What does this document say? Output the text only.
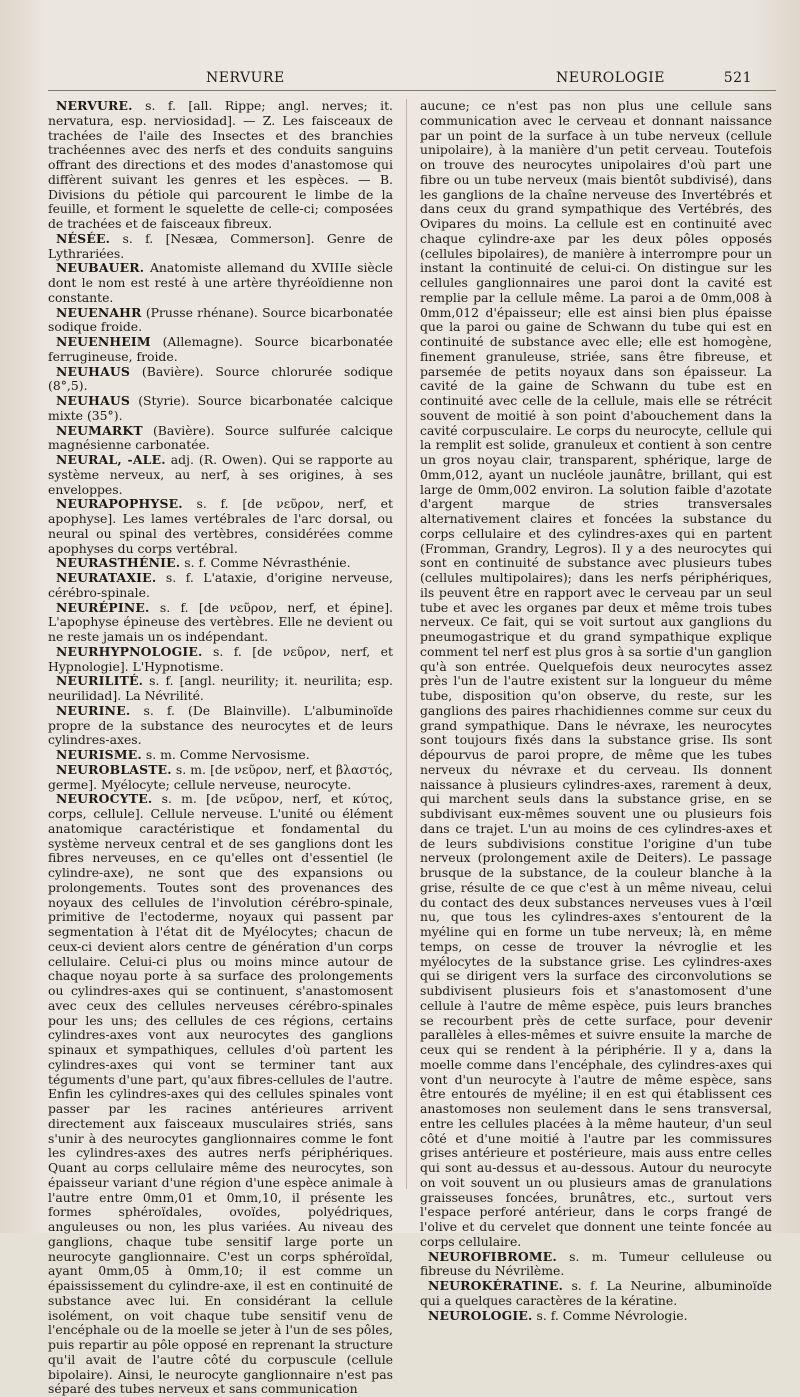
NERVURE	NEUROLOGIE	521

NERVURE. s. f. [all. Rippe; angl. nerves; it. nervatura, esp. nerviosidad]. — Z. Les faisceaux de trachées de l'aile des Insectes et des branchies trachéennes avec des nerfs et des conduits sanguins offrant des directions et des modes d'anastomose qui diffèrent suivant les genres et les espèces. — B. Divisions du pétiole qui parcourent le limbe de la feuille, et forment le squelette de celle-ci; composées de trachées et de faisceaux fibreux.

NÉSÉE. s. f. [Nesæa, Commerson]. Genre de Lythrariées.

NEUBAUER. Anatomiste allemand du XVIIIe siècle dont le nom est resté à une artère thyréoïdienne non constante.

NEUENAHR (Prusse rhénane). Source bicarbonatée sodique froide.

NEUENHEIM (Allemagne). Source bicarbonatée ferrugineuse, froide.

NEUHAUS (Bavière). Source chlorurée sodique (8°,5).

NEUHAUS (Styrie). Source bicarbonatée calcique mixte (35°).

NEUMARKT (Bavière). Source sulfurée calcique magnésienne carbonatée.

NEURAL, -ALE. adj. (R. Owen). Qui se rapporte au système nerveux, au nerf, à ses origines, à ses enveloppes.

NEURAPOPHYSE. s. f. [de νεῦρον, nerf, et apophyse]. Les lames vertébrales de l'arc dorsal, ou neural ou spinal des vertèbres, considérées comme apophyses du corps vertébral.

NEURASTHÉNIE. s. f. Comme Névrasthénie.

NEURATAXIE. s. f. L'ataxie, d'origine nerveuse, cérébro-spinale.

NEURÉPINE. s. f. [de νεῦρον, nerf, et épine]. L'apophyse épineuse des vertèbres. Elle ne devient ou ne reste jamais un os indépendant.

NEURHYPNOLOGIE. s. f. [de νεῦρον, nerf, et Hypnologie]. L'Hypnotisme.

NEURILITÉ. s. f. [angl. neurility; it. neurilita; esp. neurilidad]. La Névrilité.

NEURINE. s. f. (De Blainville). L'albuminoïde propre de la substance des neurocytes et de leurs cylindres-axes.

NEURISME. s. m. Comme Nervosisme.

NEUROBLASTE. s. m. [de νεῦρον, nerf, et βλαστός, germe]. Myélocyte; cellule nerveuse, neurocyte.

NEUROCYTE. s. m. [de νεῦρον, nerf, et κύτος, corps, cellule]. Cellule nerveuse. L'unité ou élément anatomique caractéristique et fondamental du système nerveux central et de ses ganglions dont les fibres nerveuses, en ce qu'elles ont d'essentiel (le cylindre-axe), ne sont que des expansions ou prolongements. Toutes sont des provenances des noyaux des cellules de l'involution cérébro-spinale, primitive de l'ectoderme, noyaux qui passent par segmentation à l'état dit de Myélocytes; chacun de ceux-ci devient alors centre de génération d'un corps cellulaire. Celui-ci plus ou moins mince autour de chaque noyau porte à sa surface des prolongements ou cylindres-axes qui se continuent, s'anastomosent avec ceux des cellules nerveuses cérébro-spinales pour les uns; des cellules de ces régions, certains cylindres-axes vont aux neurocytes des ganglions spinaux et sympathiques, cellules d'où partent les cylindres-axes qui vont se terminer tant aux téguments d'une part, qu'aux fibres-cellules de l'autre. Enfin les cylindres-axes qui des cellules spinales vont passer par les racines antérieures arrivent directement aux faisceaux musculaires striés, sans s'unir à des neurocytes ganglionnaires comme le font les cylindres-axes des autres nerfs périphériques. Quant au corps cellulaire même des neurocytes, son épaisseur variant d'une région d'une espèce animale à l'autre entre 0mm,01 et 0mm,10, il présente les formes sphéroïdales, ovoïdes, polyédriques, anguleuses ou non, les plus variées. Au niveau des ganglions, chaque tube sensitif large porte un neurocyte ganglionnaire. C'est un corps sphéroïdal, ayant 0mm,05 à 0mm,10; il est comme un épaississement du cylindre-axe, il est en continuité de substance avec lui. En considérant la cellule isolément, on voit chaque tube sensitif venu de l'encéphale ou de la moelle se jeter à l'un de ses pôles, puis repartir au pôle opposé en reprenant la structure qu'il avait de l'autre côté du corpuscule (cellule bipolaire). Ainsi, le neurocyte ganglionnaire n'est pas séparé des tubes nerveux et sans communication

aucune; ce n'est pas non plus une cellule sans communication avec le cerveau et donnant naissance par un point de la surface à un tube nerveux (cellule unipolaire), à la manière d'un petit cerveau. Toutefois on trouve des neurocytes unipolaires d'où part une fibre ou un tube nerveux (mais bientôt subdivisé), dans les ganglions de la chaîne nerveuse des Invertébrés et dans ceux du grand sympathique des Vertébrés, des Ovipares du moins. La cellule est en continuité avec chaque cylindre-axe par les deux pôles opposés (cellules bipolaires), de manière à interrompre pour un instant la continuité de celui-ci. On distingue sur les cellules ganglionnaires une paroi dont la cavité est remplie par la cellule même. La paroi a de 0mm,008 à 0mm,012 d'épaisseur; elle est ainsi bien plus épaisse que la paroi ou gaine de Schwann du tube qui est en continuité de substance avec elle; elle est homogène, finement granuleuse, striée, sans être fibreuse, et parsemée de petits noyaux dans son épaisseur. La cavité de la gaine de Schwann du tube est en continuité avec celle de la cellule, mais elle se rétrécit souvent de moitié à son point d'abouchement dans la cavité corpusculaire. Le corps du neurocyte, cellule qui la remplit est solide, granuleux et contient à son centre un gros noyau clair, transparent, sphérique, large de 0mm,012, ayant un nucléole jaunâtre, brillant, qui est large de 0mm,002 environ. La solution faible d'azotate d'argent marque de stries transversales alternativement claires et foncées la substance du corps cellulaire et des cylindres-axes qui en partent (Fromman, Grandry, Legros). Il y a des neurocytes qui sont en continuité de substance avec plusieurs tubes (cellules multipolaires); dans les nerfs périphériques, ils peuvent être en rapport avec le cerveau par un seul tube et avec les organes par deux et même trois tubes nerveux. Ce fait, qui se voit surtout aux ganglions du pneumogastrique et du grand sympathique explique comment tel nerf est plus gros à sa sortie d'un ganglion qu'à son entrée. Quelquefois deux neurocytes assez près l'un de l'autre existent sur la longueur du même tube, disposition qu'on observe, du reste, sur les ganglions des paires rhachidiennes comme sur ceux du grand sympathique. Dans le névraxe, les neurocytes sont toujours fixés dans la substance grise. Ils sont dépourvus de paroi propre, de même que les tubes nerveux du névraxe et du cerveau. Ils donnent naissance à plusieurs cylindres-axes, rarement à deux, qui marchent seuls dans la substance grise, en se subdivisant eux-mêmes souvent une ou plusieurs fois dans ce trajet. L'un au moins de ces cylindres-axes et de leurs subdivisions constitue l'origine d'un tube nerveux (prolongement axile de Deiters). Le passage brusque de la substance, de la couleur blanche à la grise, résulte de ce que c'est à un même niveau, celui du contact des deux substances nerveuses vues à l'œil nu, que tous les cylindres-axes s'entourent de la myéline qui en forme un tube nerveux; là, en même temps, on cesse de trouver la névroglie et les myélocytes de la substance grise. Les cylindres-axes qui se dirigent vers la surface des circonvolutions se subdivisent plusieurs fois et s'anastomosent d'une cellule à l'autre de même espèce, puis leurs branches se recourbent près de cette surface, pour devenir parallèles à elles-mêmes et suivre ensuite la marche de ceux qui se rendent à la périphérie. Il y a, dans la moelle comme dans l'encéphale, des cylindres-axes qui vont d'un neurocyte à l'autre de même espèce, sans être entourés de myéline; il en est qui établissent ces anastomoses non seulement dans le sens transversal, entre les cellules placées à la même hauteur, d'un seul côté et d'une moitié à l'autre par les commissures grises antérieure et postérieure, mais auss entre celles qui sont au-dessus et au-dessous. Autour du neurocyte on voit souvent un ou plusieurs amas de granulations graisseuses foncées, brunâtres, etc., surtout vers l'espace perforé antérieur, dans le corps frangé de l'olive et du cervelet que donnent une teinte foncée au corps cellulaire.

NEUROFIBROME. s. m. Tumeur celluleuse ou fibreuse du Névrilème.

NEUROKÉRATINE. s. f. La Neurine, albuminoïde qui a quelques caractères de la kératine.

NEUROLOGIE. s. f. Comme Névrologie.
